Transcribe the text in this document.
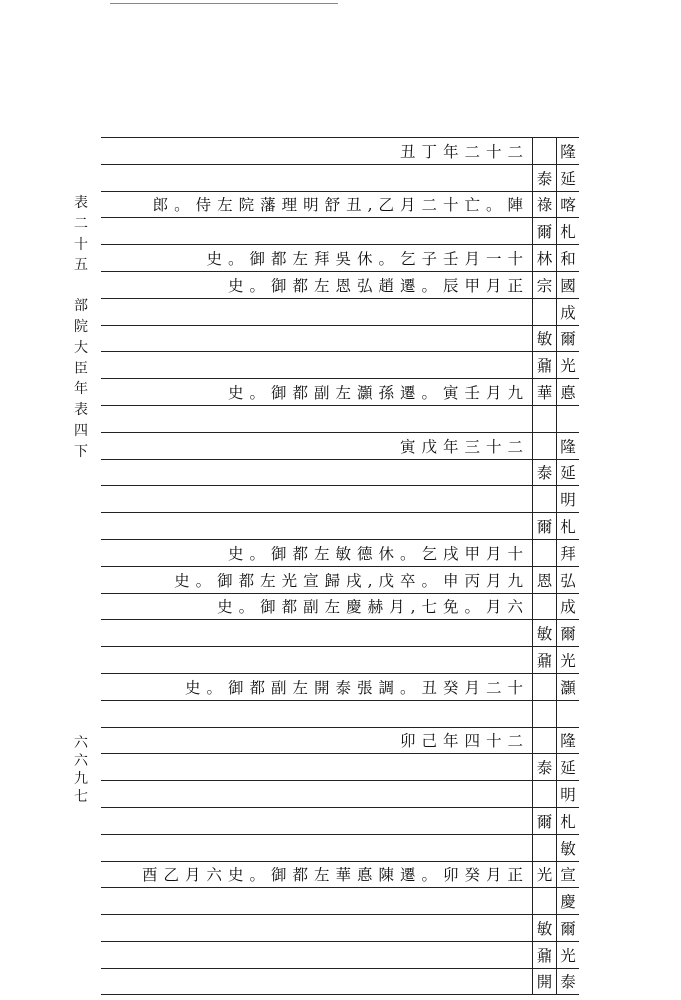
表
二
十
五
部
院
大
臣
年
表
四
下
六
六
九
七
丑丁年二十二 隆
泰 延
郎。侍左院藩理明舒丑,乙月二十亡。陣 祿 喀
爾 札
史。御都左拜吳休。乞子壬月一十 林 和
史。御都左恩弘趙遷。辰甲月正 宗 國
成
敏 爾
鼐 光
史。御都副左灝孫遷。寅壬月九 華 悳
寅戊年三十二 隆
泰 延
明
爾 札
史。御都左敏德休。乞戌甲月十 拜
史。御都左光宣歸戌,戊卒。申丙月九 恩 弘
史。御都副左慶赫月,七免。月六 成
敏 爾
鼐 光
史。御都副左開泰張調。丑癸月二十 灝
卯己年四十二 隆
泰 延
明
爾 札
敏
酉乙月六史。御都左華悳陳遷。卯癸月正 光 宣
慶
敏 爾
鼐 光
開 泰
